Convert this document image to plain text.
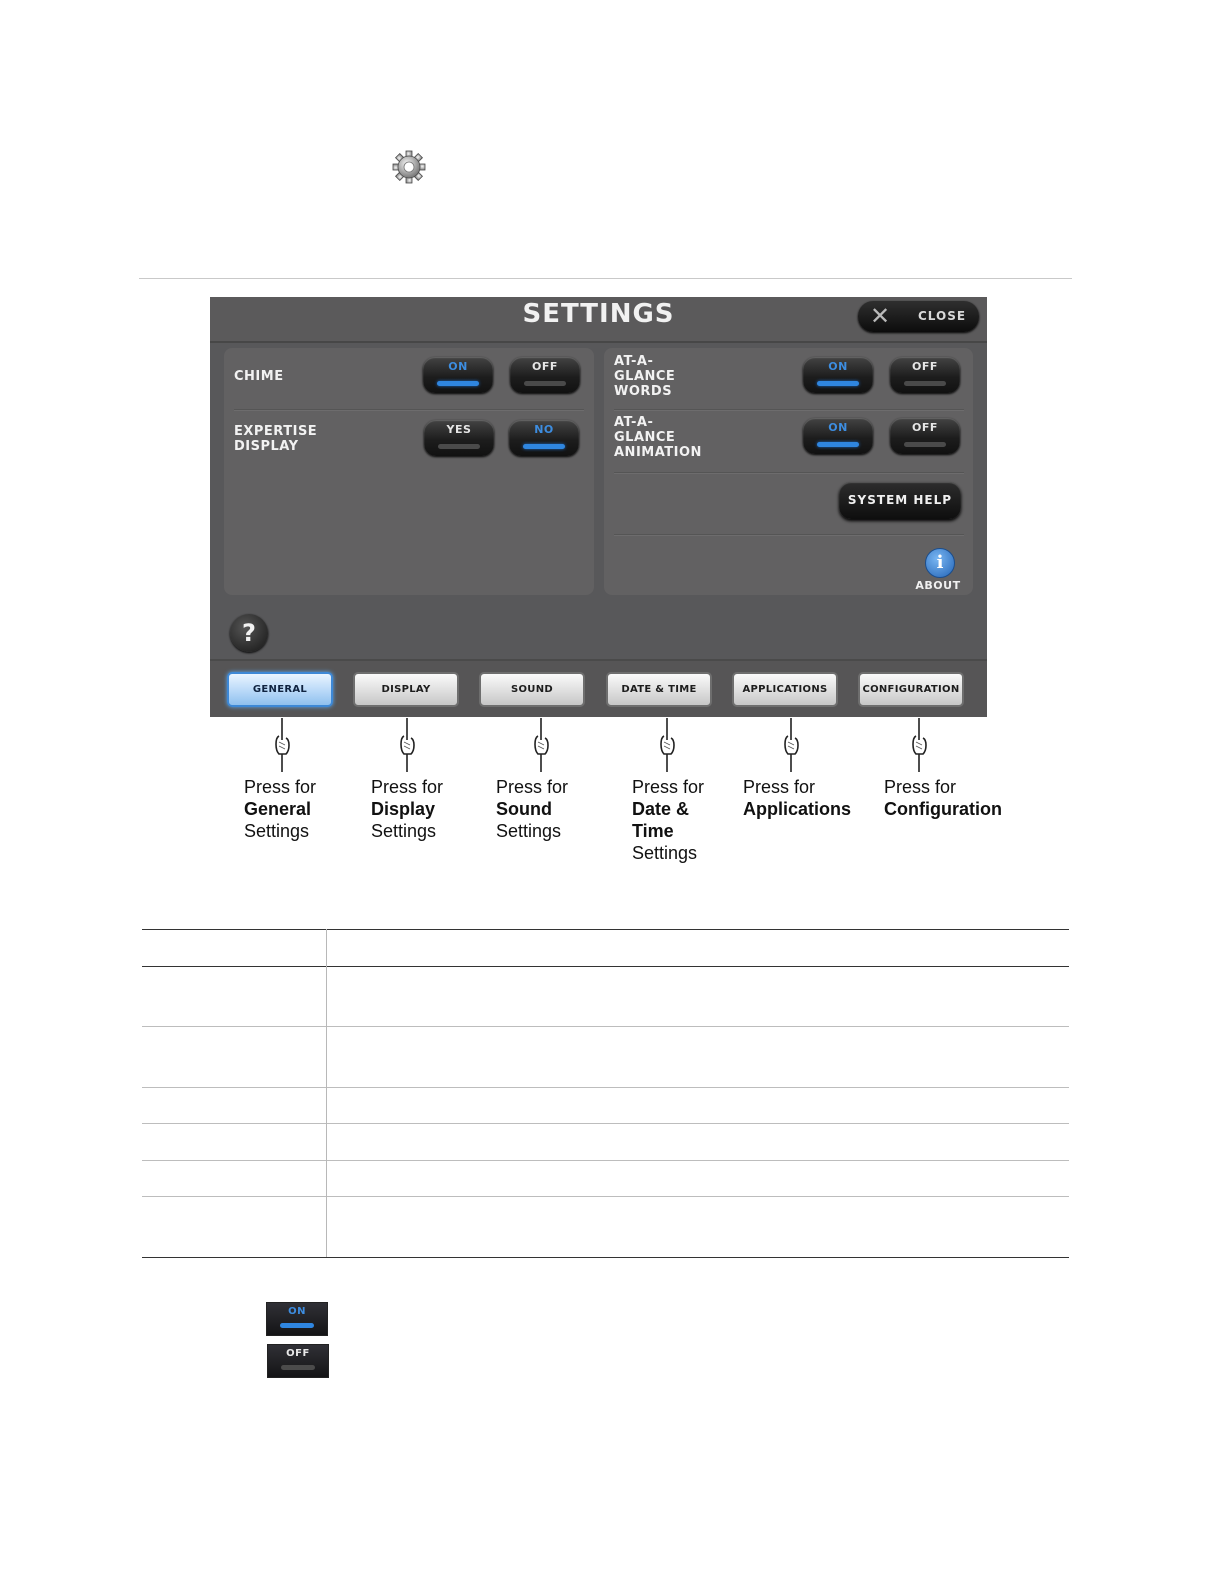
SETTINGS	✕ CLOSE
CHIME
ON	OFF
EXPERTISE DISPLAY
YES	NO
AT-A-GLANCE WORDS
ON	OFF
AT-A-GLANCE ANIMATION
ON	OFF
SYSTEM HELP
i
ABOUT
?
GENERAL	DISPLAY	SOUND	DATE & TIME	APPLICATIONS	CONFIGURATION
Press for
General
Settings
Press for
Display
Settings
Press for
Sound
Settings
Press for
Date & Time
Settings
Press for
Applications
Press for
Configuration
ON
OFF
